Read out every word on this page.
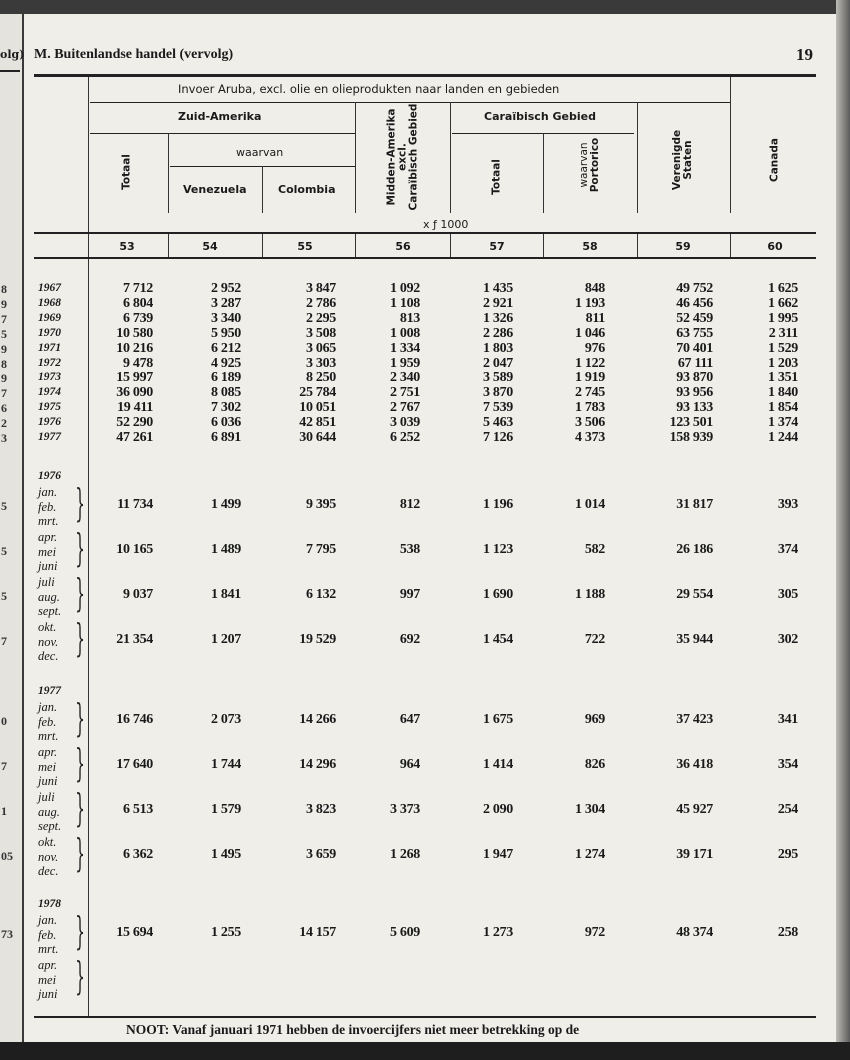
olg) M. Buitenlandse handel (vervolg)	19
Invoer Aruba, excl. olie en olieprodukten naar landen en gebieden
Zuid-Amerika
waarvan
Venezuela	Colombia
Totaal	Midden-Amerika excl. Caraïbisch Gebied	Caraïbisch Gebied
Totaal	waarvan Portorico	Verenigde Staten	Canada
x ƒ 1000
53	54	55	56	57	58	59	60
1967	7 712	2 952	3 847	1 092	1 435	848	49 752	1 625
8
1968	6 804	3 287	2 786	1 108	2 921	1 193	46 456	1 662
9
1969	6 739	3 340	2 295	813	1 326	811	52 459	1 995
7
1970	10 580	5 950	3 508	1 008	2 286	1 046	63 755	2 311
5
1971	10 216	6 212	3 065	1 334	1 803	976	70 401	1 529
9
1972	9 478	4 925	3 303	1 959	2 047	1 122	67 111	1 203
8
1973	15 997	6 189	8 250	2 340	3 589	1 919	93 870	1 351
9
1974	36 090	8 085	25 784	2 751	3 870	2 745	93 956	1 840
7
1975	19 411	7 302	10 051	2 767	7 539	1 783	93 133	1 854
6
1976	52 290	6 036	42 851	3 039	5 463	3 506	123 501	1 374
2
1977	47 261	6 891	30 644	6 252	7 126	4 373	158 939	1 244
3
1976
jan.
feb.
mrt. } 11 734	1 499	9 395	812	1 196	1 014	31 817	393
5
apr.
mei
juni } 10 165	1 489	7 795	538	1 123	582	26 186	374
5
juli
aug.
sept. }	9 037	1 841	6 132	997	1 690	1 188	29 554	305
5
okt.
nov.
dec. } 21 354	1 207	19 529	692	1 454	722	35 944	302
7
1977
jan.
feb.
mrt. } 16 746	2 073	14 266	647	1 675	969	37 423	341
0
apr.
mei
juni } 17 640	1 744	14 296	964	1 414	826	36 418	354
7
juli
aug.
sept. }	6 513	1 579	3 823	3 373	2 090	1 304	45 927	254
1
okt.
nov.
dec. }	6 362	1 495	3 659	1 268	1 947	1 274	39 171	295
05
1978
jan.
feb.
mrt. } 15 694	1 255	14 157	5 609	1 273	972	48 374	258
73
apr.
mei
juni }
NOOT: Vanaf januari 1971 hebben de invoercijfers niet meer betrekking op de
